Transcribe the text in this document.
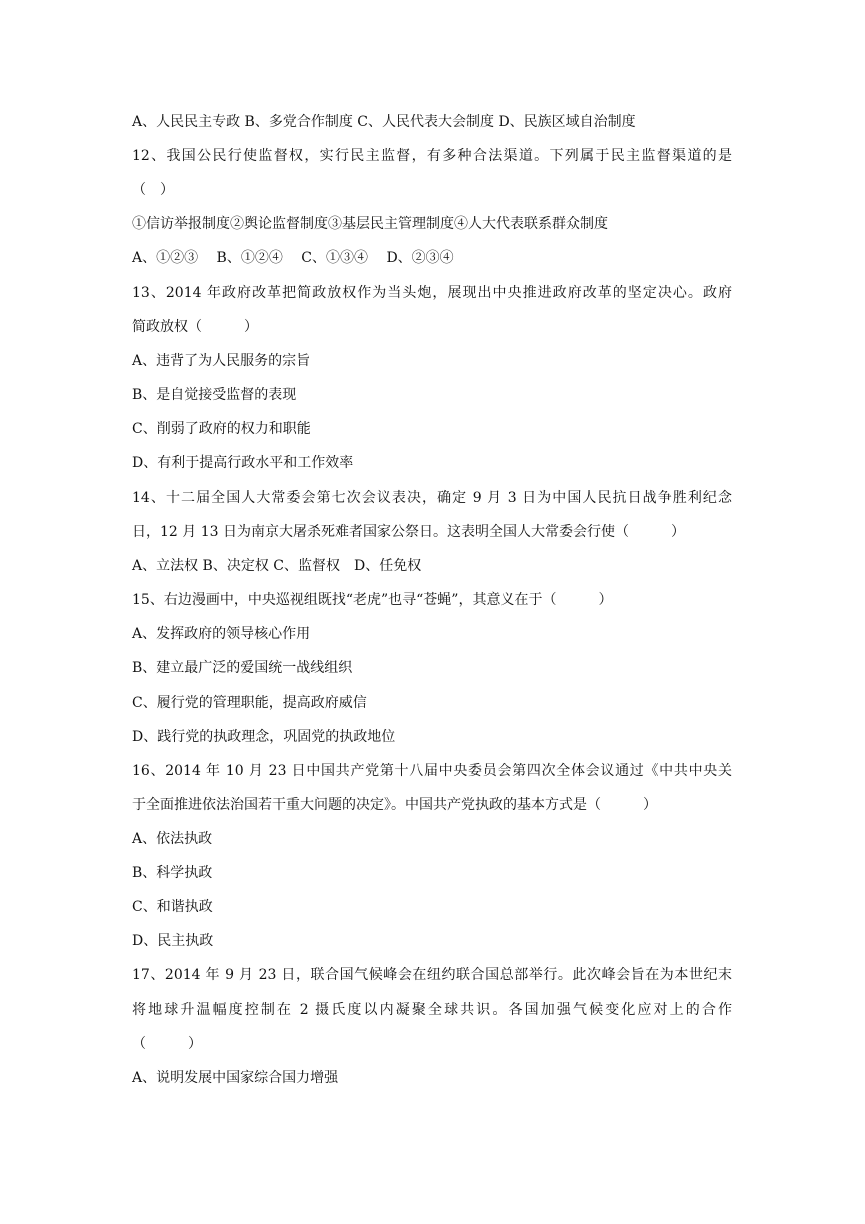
A、人民民主专政 B、多党合作制度 C、人民代表大会制度 D、民族区域自治制度
12、我国公民行使监督权，实行民主监督，有多种合法渠道。下列属于民主监督渠道的是
（　）
①信访举报制度②舆论监督制度③基层民主管理制度④人大代表联系群众制度
A、①②③　 B、①②④　 C、①③④　 D、②③④
13、2014 年政府改革把简政放权作为当头炮，展现出中央推进政府改革的坚定决心。政府
简政放权（　　　）
A、违背了为人民服务的宗旨
B、是自觉接受监督的表现
C、削弱了政府的权力和职能
D、有利于提高行政水平和工作效率
14、十二届全国人大常委会第七次会议表决，确定 9 月 3 日为中国人民抗日战争胜利纪念
日，12 月 13 日为南京大屠杀死难者国家公祭日。这表明全国人大常委会行使（　　　）
A、立法权 B、决定权 C、监督权　D、任免权
15、右边漫画中，中央巡视组既找“老虎”也寻“苍蝇”，其意义在于（　　　）
A、发挥政府的领导核心作用
B、建立最广泛的爱国统一战线组织
C、履行党的管理职能，提高政府威信
D、践行党的执政理念，巩固党的执政地位
16、2014 年 10 月 23 日中国共产党第十八届中央委员会第四次全体会议通过《中共中央关
于全面推进依法治国若干重大问题的决定》。中国共产党执政的基本方式是（　　　）
A、依法执政
B、科学执政
C、和谐执政
D、民主执政
17、2014 年 9 月 23 日，联合国气候峰会在纽约联合国总部举行。此次峰会旨在为本世纪末
将地球升温幅度控制在 2 摄氏度以内凝聚全球共识。各国加强气候变化应对上的合作
（　　　）
A、说明发展中国家综合国力增强
